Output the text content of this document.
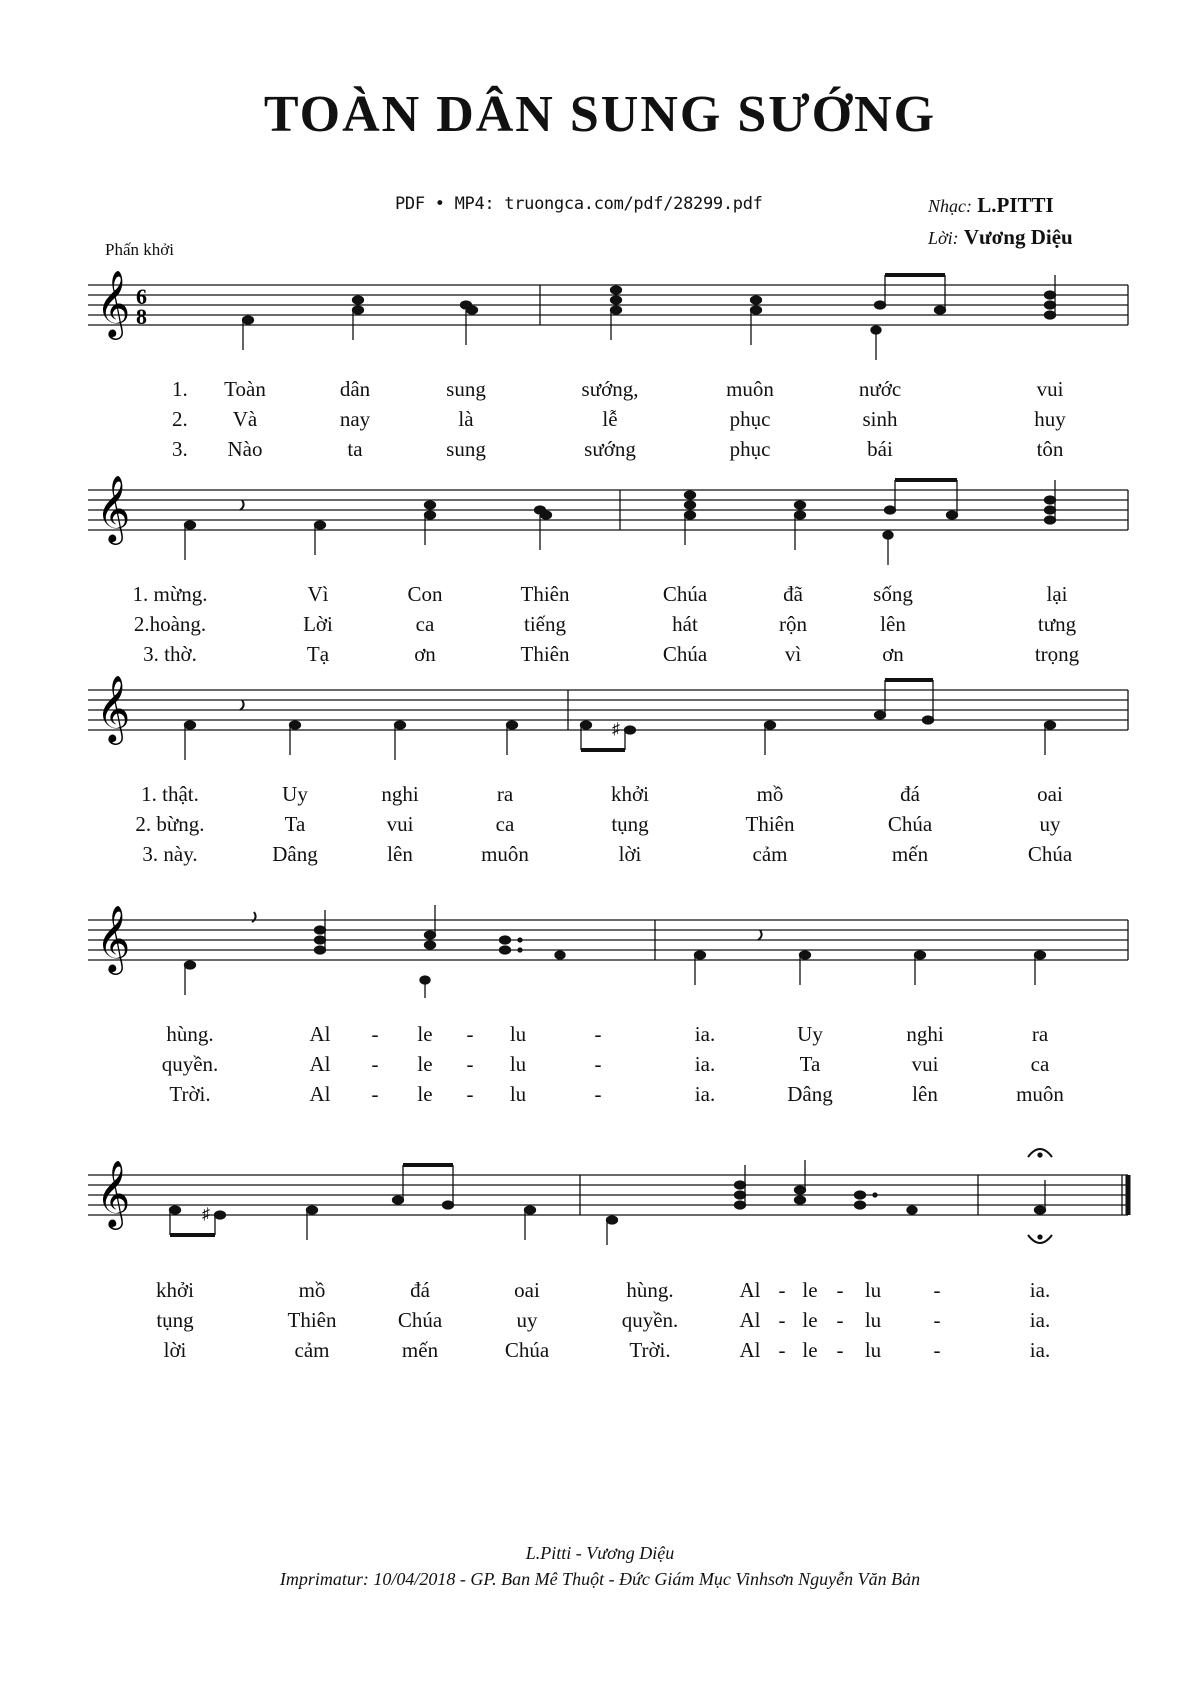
TOÀN DÂN SUNG SƯỚNG
PDF • MP4: truongca.com/pdf/28299.pdf	Nhạc: L.PITTI
Lời: Vương Diệu
Phấn khởi
𝄞 6
8
1.
2.
3.
Toàn	dân	sung	sướng,	muôn	nước	vui
Và	nay	là	lễ	phục	sinh	huy
Nào	ta	sung	sướng	phục	bái	tôn
𝄞
1. mừng.	Vì	Con	Thiên	Chúa	đã	sống	lại
2.hoàng.	Lời	ca	tiếng	hát	rộn	lên	tưng
3. thờ.	Tạ	ơn	Thiên	Chúa	vì	ơn	trọng
𝄞	♯
1. thật.	Uy	nghi	ra	khởi	mồ	đá	oai
2. bừng.	Ta	vui	ca	tụng	Thiên	Chúa	uy
3. này.	Dâng	lên	muôn	lời	cảm	mến	Chúa
𝄞
hùng.	Al - le - lu	-	ia.	Uy	nghi	ra
quyền.	Al - le - lu	-	ia.	Ta	vui	ca
Trời.	Al - le - lu	-	ia.	Dâng	lên	muôn
𝄞	♯
khởi	mồ	đá	oai	hùng.	Al - le - lu -	ia.
tụng	Thiên	Chúa	uy	quyền.	Al - le - lu -	ia.
lời	cảm	mến	Chúa	Trời.	Al - le - lu -	ia.
L.Pitti - Vương Diệu
Imprimatur: 10/04/2018 - GP. Ban Mê Thuột - Đức Giám Mục Vinhsơn Nguyễn Văn Bản
